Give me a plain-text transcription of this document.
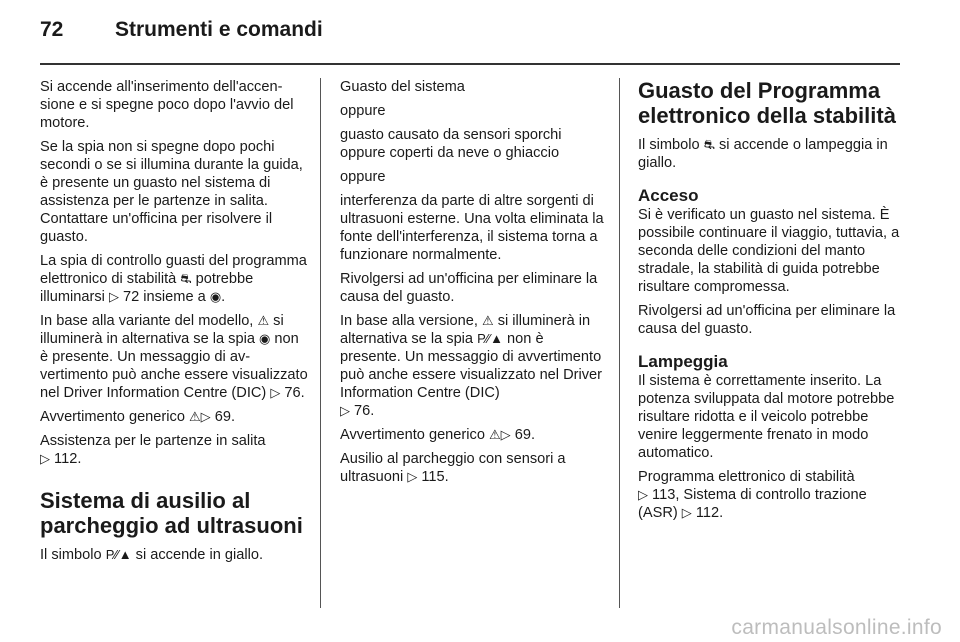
72 Strumenti e comandi

Si accende all'inserimento dell'accensione e si spegne poco dopo l'avvio del motore.

Se la spia non si spegne dopo pochi secondi o se si illumina durante la guida, è presente un guasto nel sistema di assistenza per le partenze in salita. Contattare un'officina per risolvere il guasto.

La spia di controllo guasti del programma elettronico di stabilità ⛐ potrebbe illuminarsi ▷ 72 insieme a ◉.

In base alla variante del modello, ⚠ si illuminerà in alternativa se la spia ◉ non è presente. Un messaggio di avvertimento può anche essere visualizzato nel Driver Information Centre (DIC) ▷ 76.

Avvertimento generico ⚠▷ 69.

Assistenza per le partenze in salita
▷ 112.

Sistema di ausilio al parcheggio ad ultrasuoni

Il simbolo P⁄⁄▲ si accende in giallo.

Guasto del sistema

oppure

guasto causato da sensori sporchi oppure coperti da neve o ghiaccio

oppure

interferenza da parte di altre sorgenti di ultrasuoni esterne. Una volta eliminata la fonte dell'interferenza, il sistema torna a funzionare normalmente.

Rivolgersi ad un'officina per eliminare la causa del guasto.

In base alla versione, ⚠ si illuminerà in alternativa se la spia P⁄⁄▲ non è presente. Un messaggio di avvertimento può anche essere visualizzato nel Driver Information Centre (DIC)
▷ 76.

Avvertimento generico ⚠▷ 69.

Ausilio al parcheggio con sensori a ultrasuoni ▷ 115.

Guasto del Programma elettronico della stabilità

Il simbolo ⛐ si accende o lampeggia in giallo.

Acceso

Si è verificato un guasto nel sistema. È possibile continuare il viaggio, tuttavia, a seconda delle condizioni del manto stradale, la stabilità di guida potrebbe risultare compromessa.

Rivolgersi ad un'officina per eliminare la causa del guasto.

Lampeggia

Il sistema è correttamente inserito. La potenza sviluppata dal motore potrebbe risultare ridotta e il veicolo potrebbe venire leggermente frenato in modo automatico.

Programma elettronico di stabilità
▷ 113, Sistema di controllo trazione (ASR) ▷ 112.

carmanualsonline.info
